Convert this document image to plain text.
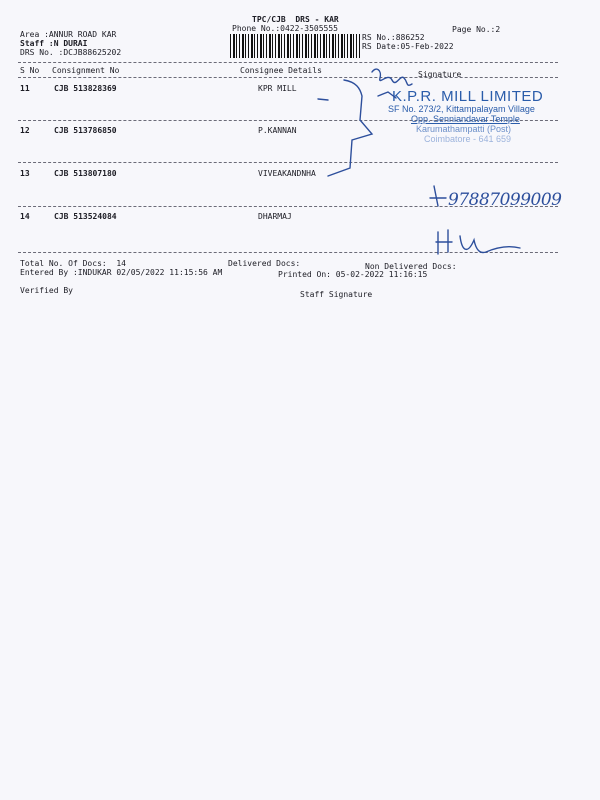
TPC/CJB  DRS - KAR
Phone No.:0422-3505555
Area :ANNUR ROAD KAR
Staff :N DURAI
DRS No. :DCJB88625202
Page No.:2
RS No.:886252
RS Date:05-Feb-2022
S No Consignment No	Consignee Details	Signature
11	CJB 513828369	KPR MILL
12	CJB 513786850	P.KANNAN
13	CJB 513807180	VIVEAKANDNHA
14	CJB 513524084	DHARMAJ
Total No. Of Docs:  14	Delivered Docs:	Non Delivered Docs:
Entered By :INDUKAR 02/05/2022 11:15:56 AM	Printed On: 05-02-2022 11:16:15
Verified By	Staff Signature
K.P.R. MILL LIMITED
SF No. 273/2, Kittampalayam Village
Opp. Senniandavar Temple
Karumathampatti (Post)
Coimbatore - 641 659
97887099009
